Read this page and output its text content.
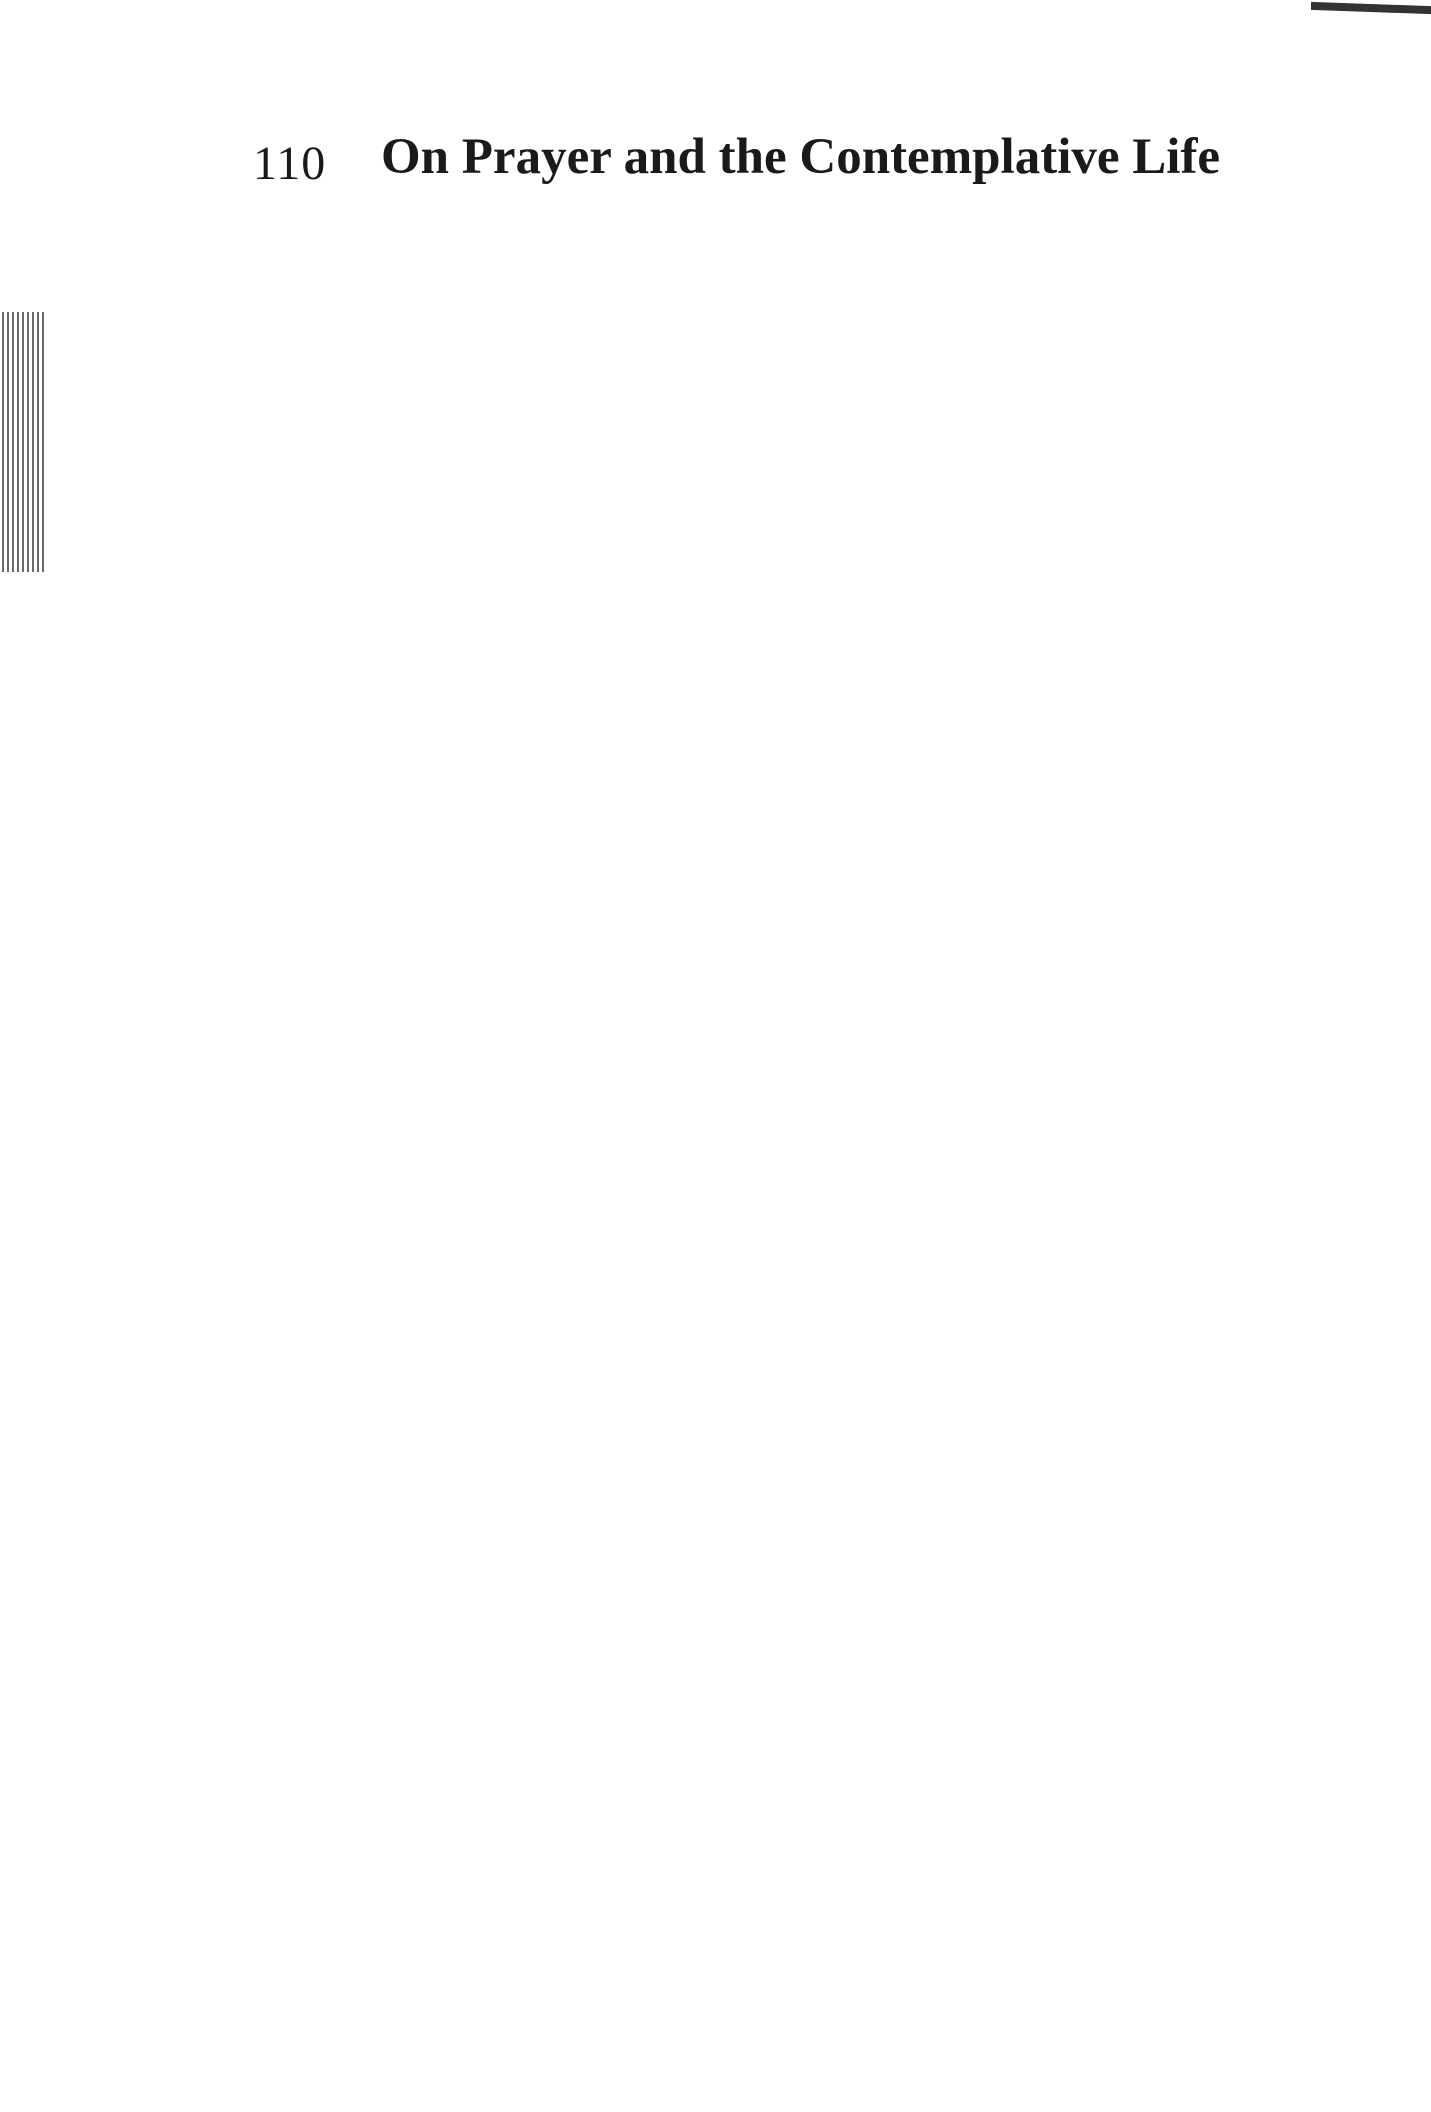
110 On Prayer and the Contemplative Life
